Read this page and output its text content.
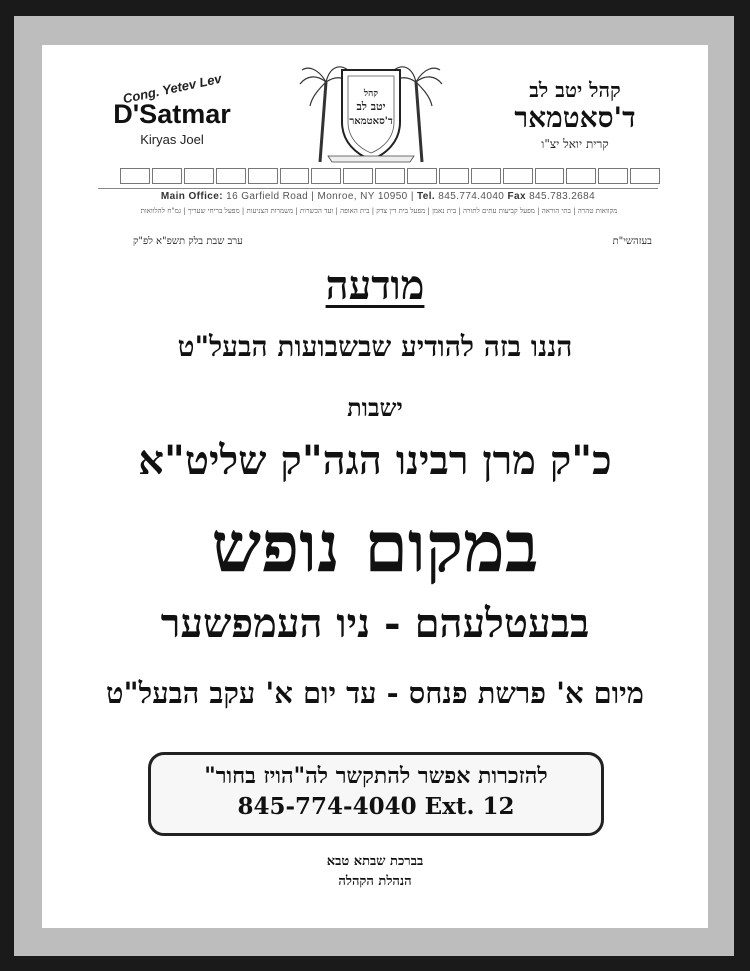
Cong. Yetev Lev
D'Satmar
Kiryas Joel
קהל
יטב לב
ד'סאטמאר
קהל יטב לב
ד'סאטמאר
קרית יואל יצ"ו
Main Office: 16 Garfield Road | Monroe, NY 10950 | Tel. 845.774.4040 Fax 845.783.2684
מקוואות טהרה | בתי הוראה | מפעל קביעות עתים לתורה | בית נאמן | מפעל בית דין צדק | בית האופה | ועד הכשרות | משמרות הצניעות | מפעל בריחי שעריך | גמ"ח להלוואות
בעזהשי"ת
ערב שבת בלק תשפ"א לפ"ק
מודעה
הננו בזה להודיע שבשבועות הבעל"ט
ישבות
כ"ק מרן רבינו הגה"ק שליט"א
במקום נופש
בבעטלעהם - ניו העמפשער
מיום א' פרשת פנחס - עד יום א' עקב הבעל"ט
להזכרות אפשר להתקשר לה"הויז בחור"
845-774-4040 Ext. 12
בברכת שבתא טבא
הנהלת הקהלה
